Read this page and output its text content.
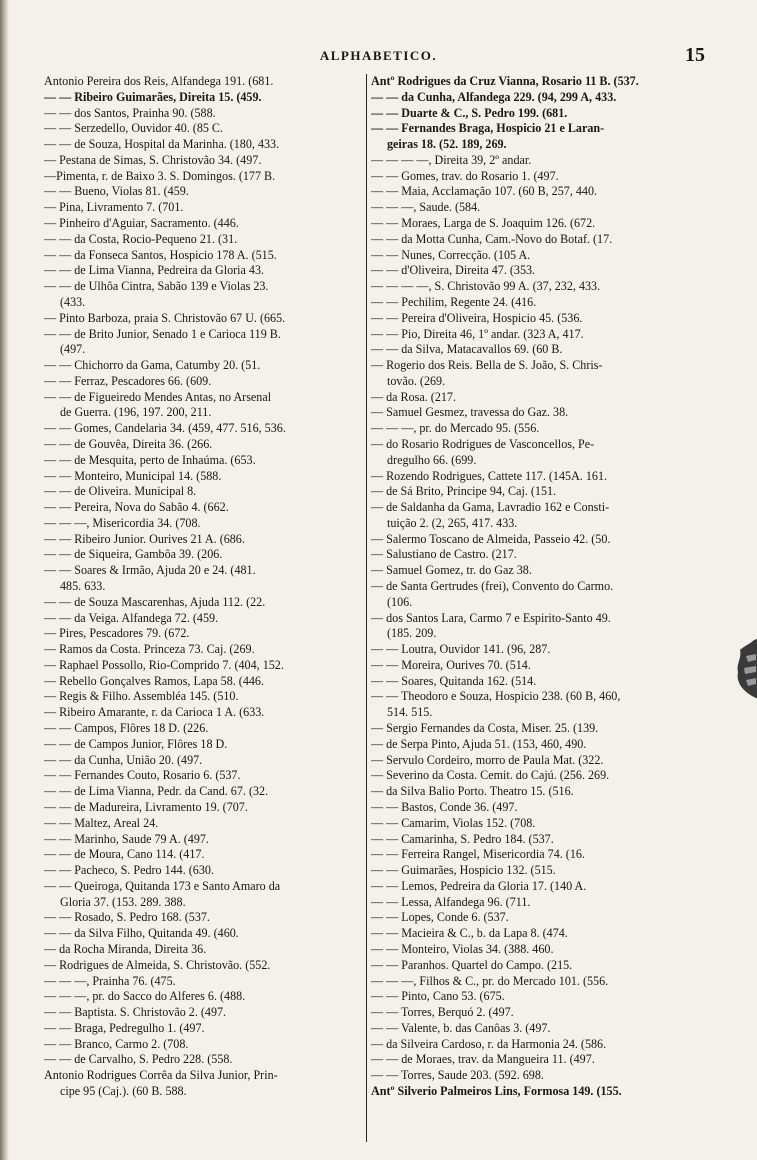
ALPHABETICO.	15
Antonio Pereira dos Reis, Alfandega 191. (681.
— — Ribeiro Guimarães, Direita 15. (459.
— — dos Santos, Prainha 90. (588.
— — Serzedello, Ouvidor 40. (85 C.
— — de Souza, Hospital da Marinha. (180, 433.
— Pestana de Simas, S. Christovão 34. (497.
—Pimenta, r. de Baixo 3. S. Domingos. (177 B.
— — Bueno, Violas 81. (459.
— Pina, Livramento 7. (701.
— Pinheiro d'Aguiar, Sacramento. (446.
— — da Costa, Rocio-Pequeno 21. (31.
— — da Fonseca Santos, Hospicio 178 A. (515.
— — de Lima Vianna, Pedreira da Gloria 43.
— — de Ulhôa Cintra, Sabão 139 e Violas 23.
(433.
— Pinto Barboza, praia S. Christovão 67 U. (665.
— — de Brito Junior, Senado 1 e Carioca 119 B.
(497.
— — Chichorro da Gama, Catumby 20. (51.
— — Ferraz, Pescadores 66. (609.
— — de Figueiredo Mendes Antas, no Arsenal
de Guerra. (196, 197. 200, 211.
— — Gomes, Candelaria 34. (459, 477. 516, 536.
— — de Gouvêa, Direita 36. (266.
— — de Mesquita, perto de Inhaúma. (653.
— — Monteiro, Municipal 14. (588.
— — de Oliveira. Municipal 8.
— — Pereira, Nova do Sabão 4. (662.
— — —, Misericordia 34. (708.
— — Ribeiro Junior. Ourives 21 A. (686.
— — de Siqueira, Gambôa 39. (206.
— — Soares & Irmão, Ajuda 20 e 24. (481.
485. 633.
— — de Souza Mascarenhas, Ajuda 112. (22.
— — da Veiga. Alfandega 72. (459.
— Pires, Pescadores 79. (672.
— Ramos da Costa. Princeza 73. Caj. (269.
— Raphael Possollo, Rio-Comprido 7. (404, 152.
— Rebello Gonçalves Ramos, Lapa 58. (446.
— Regis & Filho. Assembléa 145. (510.
— Ribeiro Amarante, r. da Carioca 1 A. (633.
— — Campos, Flôres 18 D. (226.
— — de Campos Junior, Flôres 18 D.
— — da Cunha, União 20. (497.
— — Fernandes Couto, Rosario 6. (537.
— — de Lima Vianna, Pedr. da Cand. 67. (32.
— — de Madureira, Livramento 19. (707.
— — Maltez, Areal 24.
— — Marinho, Saude 79 A. (497.
— — de Moura, Cano 114. (417.
— — Pacheco, S. Pedro 144. (630.
— — Queiroga, Quitanda 173 e Santo Amaro da
Gloria 37. (153. 289. 388.
— — Rosado, S. Pedro 168. (537.
— — da Silva Filho, Quitanda 49. (460.
— da Rocha Miranda, Direita 36.
— Rodrigues de Almeida, S. Christovão. (552.
— — —, Prainha 76. (475.
— — —, pr. do Sacco do Alferes 6. (488.
— — Baptista. S. Christovão 2. (497.
— — Braga, Pedregulho 1. (497.
— — Branco, Carmo 2. (708.
— — de Carvalho, S. Pedro 228. (558.
Antonio Rodrigues Corrêa da Silva Junior, Prin-
cipe 95 (Caj.). (60 B. 588.
Antº Rodrigues da Cruz Vianna, Rosario 11 B. (537.
— — da Cunha, Alfandega 229. (94, 299 A, 433.
— — Duarte & C., S. Pedro 199. (681.
— — Fernandes Braga, Hospicio 21 e Laran-
geiras 18. (52. 189, 269.
— — — —, Direita 39, 2º andar.
— — Gomes, trav. do Rosario 1. (497.
— — Maia, Acclamação 107. (60 B, 257, 440.
— — —, Saude. (584.
— — Moraes, Larga de S. Joaquim 126. (672.
— — da Motta Cunha, Cam.-Novo do Botaf. (17.
— — Nunes, Correcção. (105 A.
— — d'Oliveira, Direita 47. (353.
— — — —, S. Christovão 99 A. (37, 232, 433.
— — Pechilim, Regente 24. (416.
— — Pereira d'Oliveira, Hospicio 45. (536.
— — Pio, Direita 46, 1º andar. (323 A, 417.
— — da Silva, Matacavallos 69. (60 B.
— Rogerio dos Reis. Bella de S. João, S. Chris-
tovão. (269.
— da Rosa. (217.
— Samuel Gesmez, travessa do Gaz. 38.
— — —, pr. do Mercado 95. (556.
— do Rosario Rodrigues de Vasconcellos, Pe-
dregulho 66. (699.
— Rozendo Rodrigues, Cattete 117. (145A. 161.
— de Sá Brito, Principe 94, Caj. (151.
— de Saldanha da Gama, Lavradio 162 e Consti-
tuição 2. (2, 265, 417. 433.
— Salermo Toscano de Almeida, Passeio 42. (50.
— Salustiano de Castro. (217.
— Samuel Gomez, tr. do Gaz 38.
— de Santa Gertrudes (frei), Convento do Carmo.
(106.
— dos Santos Lara, Carmo 7 e Espirito-Santo 49.
(185. 209.
— — Loutra, Ouvidor 141. (96, 287.
— — Moreira, Ourives 70. (514.
— — Soares, Quitanda 162. (514.
— — Theodoro e Souza, Hospicio 238. (60 B, 460,
514. 515.
— Sergio Fernandes da Costa, Miser. 25. (139.
— de Serpa Pinto, Ajuda 51. (153, 460, 490.
— Servulo Cordeiro, morro de Paula Mat. (322.
— Severino da Costa. Cemit. do Cajú. (256. 269.
— da Silva Balio Porto. Theatro 15. (516.
— — Bastos, Conde 36. (497.
— — Camarim, Violas 152. (708.
— — Camarinha, S. Pedro 184. (537.
— — Ferreira Rangel, Misericordia 74. (16.
— — Guimarães, Hospicio 132. (515.
— — Lemos, Pedreira da Gloria 17. (140 A.
— — Lessa, Alfandega 96. (711.
— — Lopes, Conde 6. (537.
— — Macieira & C., b. da Lapa 8. (474.
— — Monteiro, Violas 34. (388. 460.
— — Paranhos. Quartel do Campo. (215.
— — —, Filhos & C., pr. do Mercado 101. (556.
— — Pinto, Cano 53. (675.
— — Torres, Berquó 2. (497.
— — Valente, b. das Canôas 3. (497.
— da Silveira Cardoso, r. da Harmonia 24. (586.
— — de Moraes, trav. da Mangueira 11. (497.
— — Torres, Saude 203. (592. 698.
Antº Silverio Palmeiros Lins, Formosa 149. (155.
